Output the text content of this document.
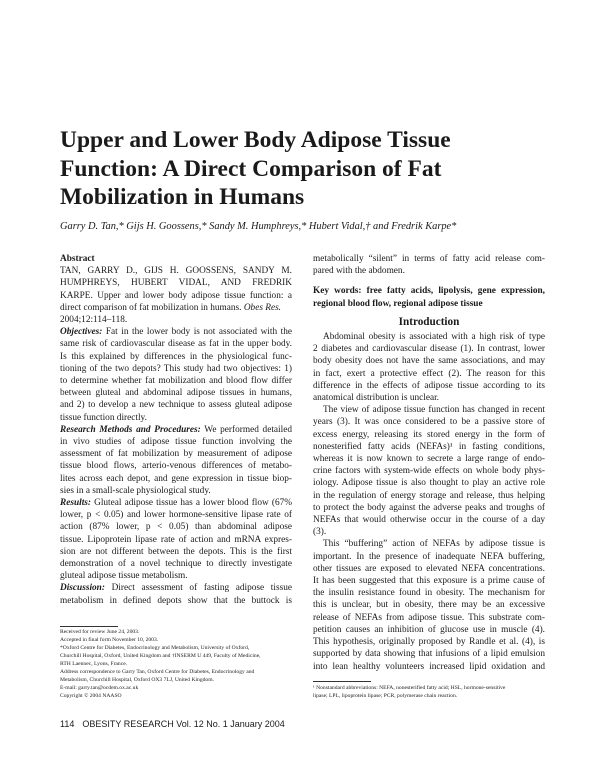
Upper and Lower Body Adipose Tissue
Function: A Direct Comparison of Fat
Mobilization in Humans
Garry D. Tan,* Gijs H. Goossens,* Sandy M. Humphreys,* Hubert Vidal,† and Fredrik Karpe*
Abstract
TAN, GARRY D., GIJS H. GOOSSENS, SANDY M.
HUMPHREYS, HUBERT VIDAL, AND FREDRIK
KARPE. Upper and lower body adipose tissue function: a
direct comparison of fat mobilization in humans. Obes Res.
2004;12:114–118.
Objectives: Fat in the lower body is not associated with the
same risk of cardiovascular disease as fat in the upper body.
Is this explained by differences in the physiological func-
tioning of the two depots? This study had two objectives: 1)
to determine whether fat mobilization and blood flow differ
between gluteal and abdominal adipose tissues in humans,
and 2) to develop a new technique to assess gluteal adipose
tissue function directly.
Research Methods and Procedures: We performed detailed
in vivo studies of adipose tissue function involving the
assessment of fat mobilization by measurement of adipose
tissue blood flows, arterio-venous differences of metabo-
lites across each depot, and gene expression in tissue biop-
sies in a small-scale physiological study.
Results: Gluteal adipose tissue has a lower blood flow (67%
lower, p < 0.05) and lower hormone-sensitive lipase rate of
action (87% lower, p < 0.05) than abdominal adipose
tissue. Lipoprotein lipase rate of action and mRNA expres-
sion are not different between the depots. This is the first
demonstration of a novel technique to directly investigate
gluteal adipose tissue metabolism.
Discussion: Direct assessment of fasting adipose tissue
metabolism in defined depots show that the buttock is
Received for review June 24, 2003.
Accepted in final form November 10, 2003.
*Oxford Centre for Diabetes, Endocrinology and Metabolism, University of Oxford,
Churchill Hospital, Oxford, United Kingdom and †INSERM U 449, Faculty of Medicine,
RTH Laennec, Lyons, France.
Address correspondence to Garry Tan, Oxford Centre for Diabetes, Endocrinology and
Metabolism, Churchill Hospital, Oxford OX3 7LJ, United Kingdom.
E-mail: garry.tan@ocdem.ox.ac.uk
Copyright © 2004 NAASO
metabolically “silent” in terms of fatty acid release com-
pared with the abdomen.
Key words: free fatty acids, lipolysis, gene expression,
regional blood flow, regional adipose tissue
Introduction
Abdominal obesity is associated with a high risk of type
2 diabetes and cardiovascular disease (1). In contrast, lower
body obesity does not have the same associations, and may
in fact, exert a protective effect (2). The reason for this
difference in the effects of adipose tissue according to its
anatomical distribution is unclear.
The view of adipose tissue function has changed in recent
years (3). It was once considered to be a passive store of
excess energy, releasing its stored energy in the form of
nonesterified fatty acids (NEFAs)¹ in fasting conditions,
whereas it is now known to secrete a large range of endo-
crine factors with system-wide effects on whole body phys-
iology. Adipose tissue is also thought to play an active role
in the regulation of energy storage and release, thus helping
to protect the body against the adverse peaks and troughs of
NEFAs that would otherwise occur in the course of a day
(3).
This “buffering” action of NEFAs by adipose tissue is
important. In the presence of inadequate NEFA buffering,
other tissues are exposed to elevated NEFA concentrations.
It has been suggested that this exposure is a prime cause of
the insulin resistance found in obesity. The mechanism for
this is unclear, but in obesity, there may be an excessive
release of NEFAs from adipose tissue. This substrate com-
petition causes an inhibition of glucose use in muscle (4).
This hypothesis, originally proposed by Randle et al. (4), is
supported by data showing that infusions of a lipid emulsion
into lean healthy volunteers increased lipid oxidation and
¹ Nonstandard abbreviations: NEFA, nonesterified fatty acid; HSL, hormone-sensitive
lipase; LPL, lipoprotein lipase; PCR, polymerase chain reaction.
114 OBESITY RESEARCH Vol. 12 No. 1 January 2004
